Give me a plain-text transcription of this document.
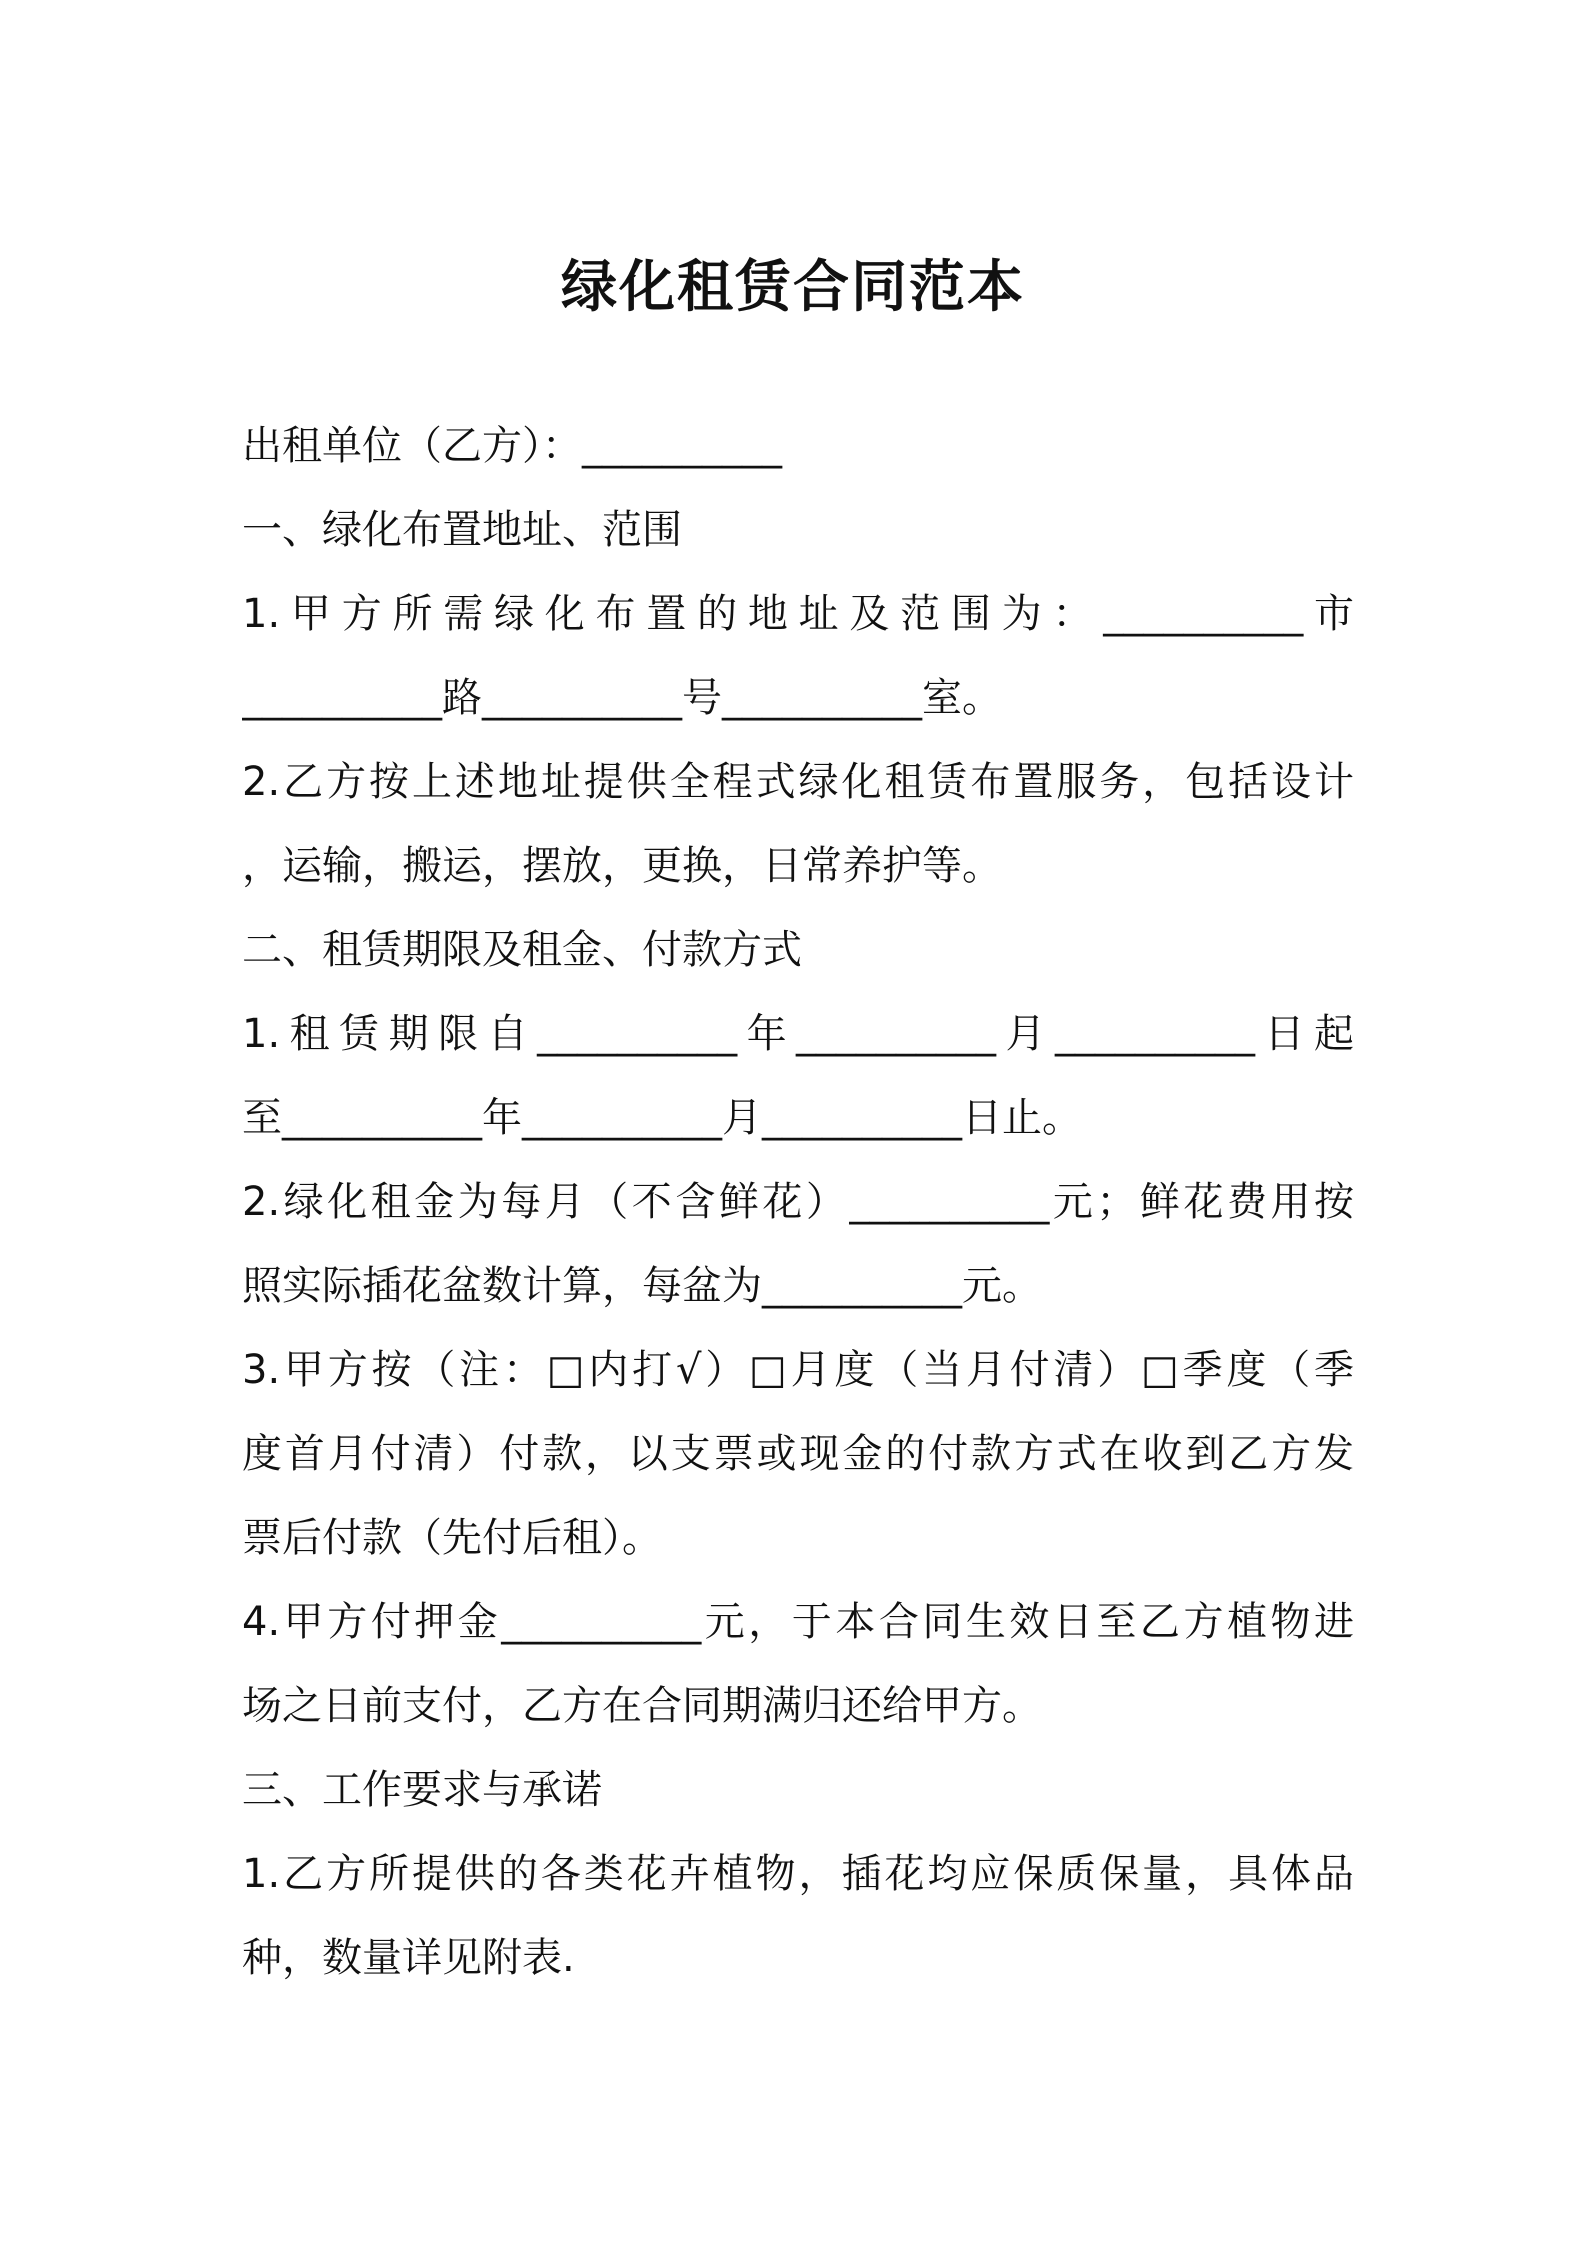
绿化租赁合同范本
出租单位（乙方）：__________
一、绿化布置地址、范围
1.甲方所需绿化布置的地址及范围为：__________市
__________路__________号__________室。
2.乙方按上述地址提供全程式绿化租赁布置服务，包括设计
，运输，搬运，摆放，更换，日常养护等。
二、租赁期限及租金、付款方式
1.租赁期限自__________年__________月__________日起
至__________年__________月__________日止。
2.绿化租金为每月（不含鲜花）__________元；鲜花费用按
照实际插花盆数计算，每盆为__________元。
3.甲方按（注：□内打√）□月度（当月付清）□季度（季
度首月付清）付款，以支票或现金的付款方式在收到乙方发
票后付款（先付后租）。
4.甲方付押金__________元，于本合同生效日至乙方植物进
场之日前支付，乙方在合同期满归还给甲方。
三、工作要求与承诺
1.乙方所提供的各类花卉植物，插花均应保质保量，具体品
种，数量详见附表.
